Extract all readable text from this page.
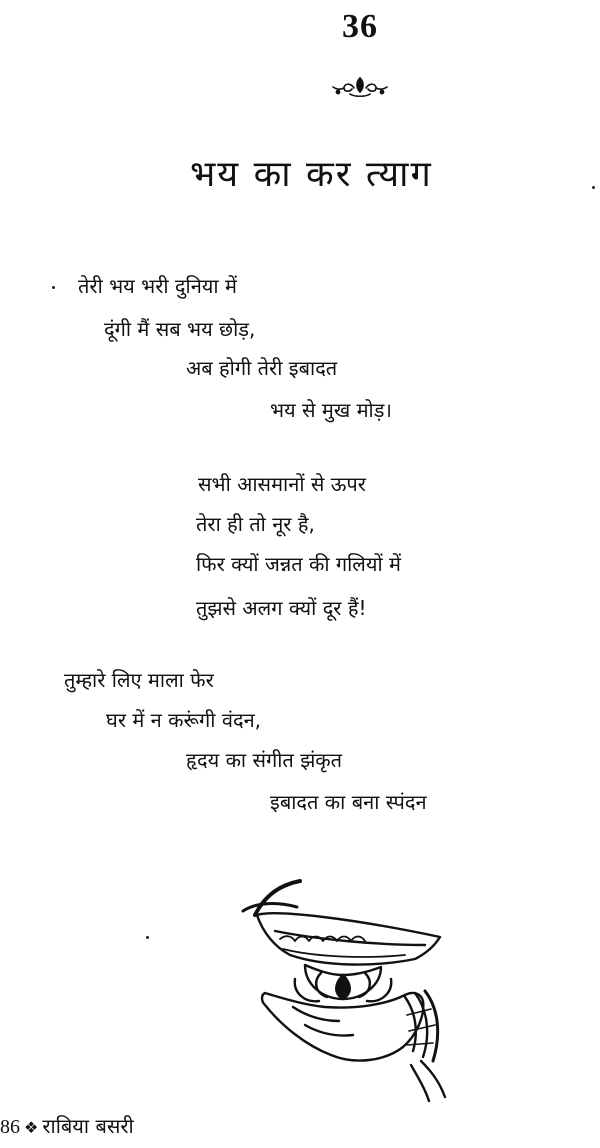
36
भय का कर त्याग
तेरी भय भरी दुनिया में
दूंगी मैं सब भय छोड़,
अब होगी तेरी इबादत
भय से मुख मोड़।
सभी आसमानों से ऊपर
तेरा ही तो नूर है,
फिर क्यों जन्नत की गलियों में
तुझसे अलग क्यों दूर हैं!
तुम्हारे लिए माला फेर
घर में न करूंगी वंदन,
हृदय का संगीत झंकृत
इबादत का बना स्पंदन
86 ❖ राबिया बसरी
